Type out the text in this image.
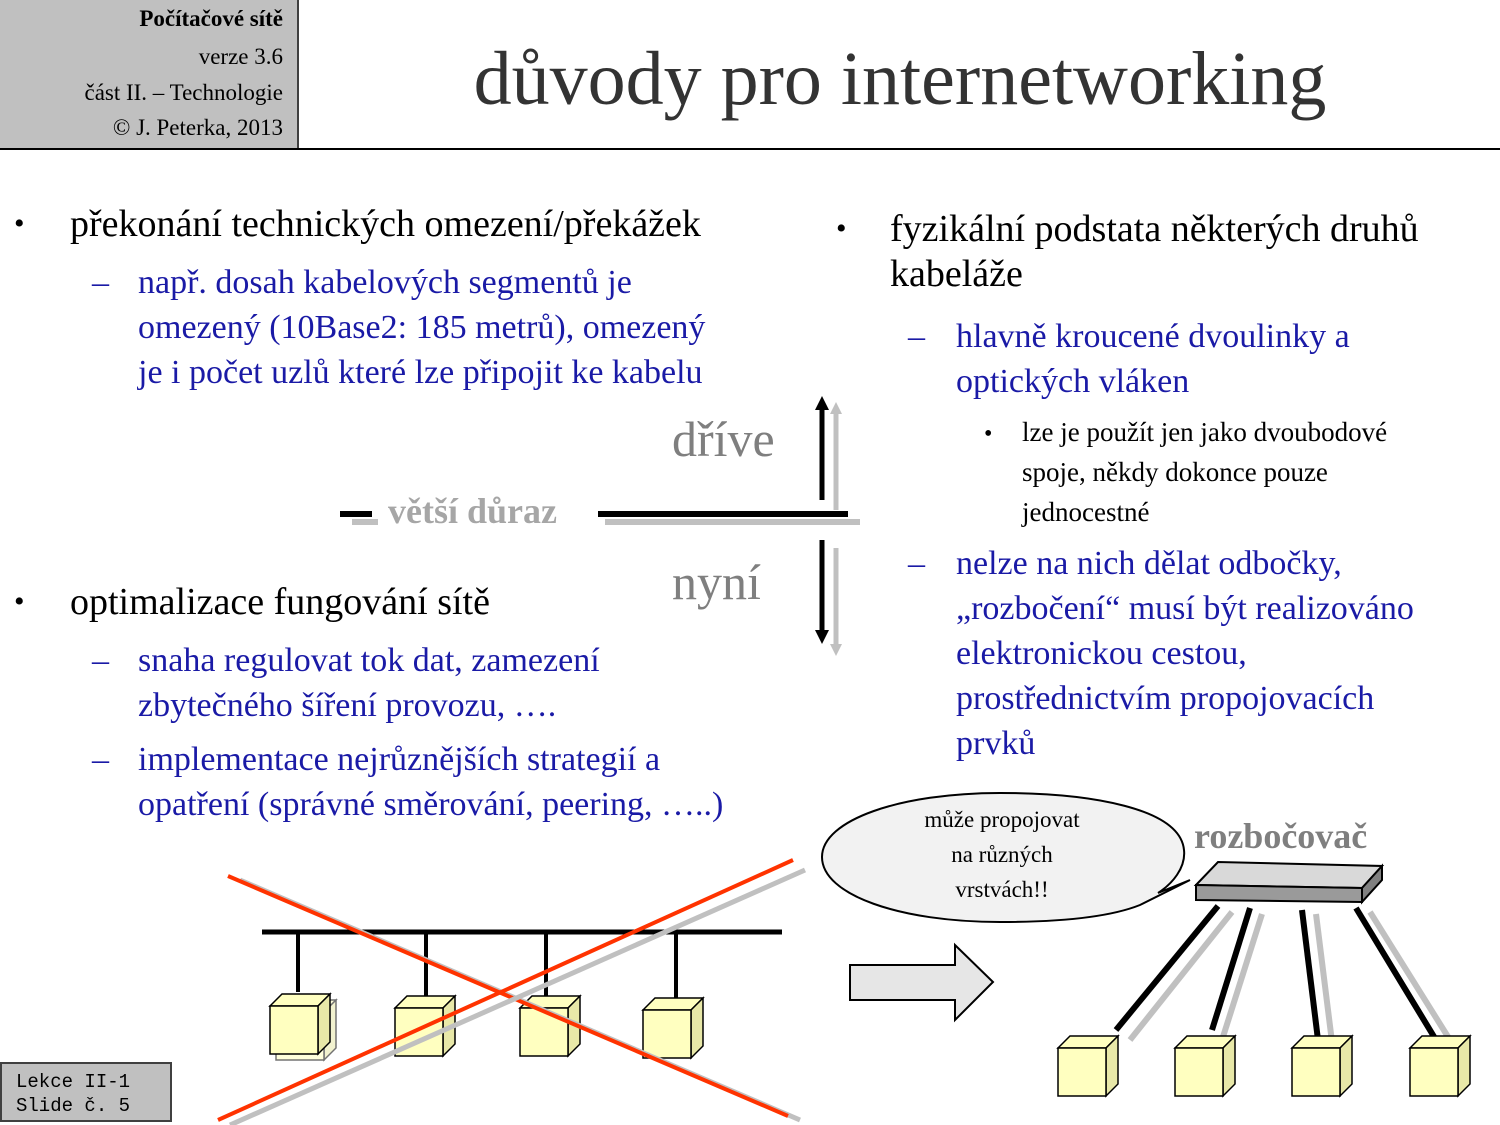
Počítačové sítě
verze 3.6
část II. – Technologie
© J. Peterka, 2013
důvody pro internetworking
• překonání technických omezení/překážek
– např. dosah kabelových segmentů je
omezený (10Base2: 185 metrů), omezený
je i počet uzlů které lze připojit ke kabelu
• optimalizace fungování sítě
– snaha regulovat tok dat, zamezení
zbytečného šíření provozu, ….
– implementace nejrůznějších strategií a
opatření (správné směrování, peering, …..)
dříve
větší důraz
nyní
• fyzikální podstata některých druhů
kabeláže
– hlavně kroucené dvoulinky a
optických vláken
• lze je použít jen jako dvoubodové
spoje, někdy dokonce pouze
jednocestné
– nelze na nich dělat odbočky,
„rozbočení“ musí být realizováno
elektronickou cestou,
prostřednictvím propojovacích
prvků
může propojovat
na různých
vrstvách!!
rozbočovač
Lekce II-1
Slide č. 5
